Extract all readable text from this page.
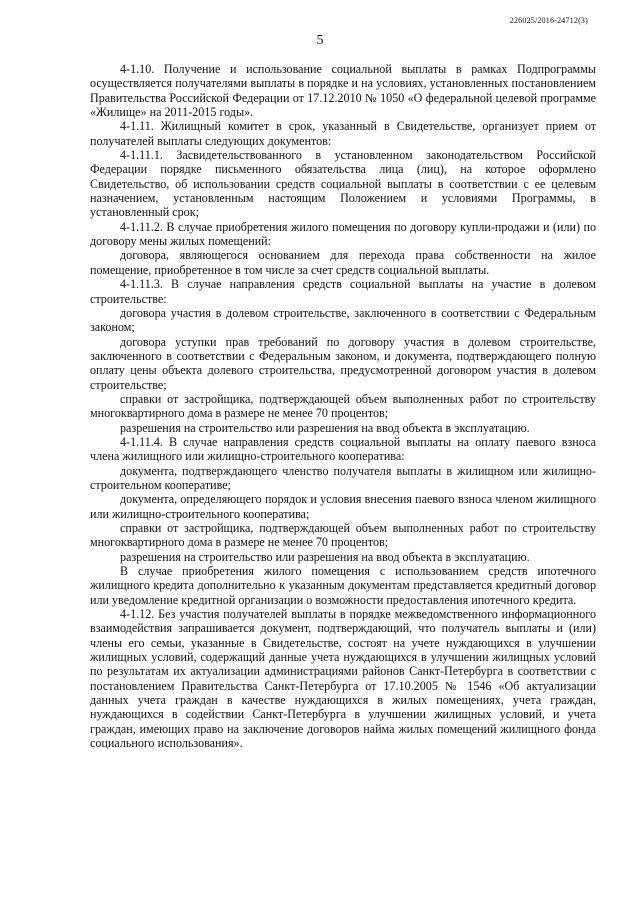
226025/2016-24712(3)
5

4-1.10. Получение и использование социальной выплаты в рамках Подпрограммы осуществляется получателями выплаты в порядке и на условиях, установленных постановлением Правительства Российской Федерации от 17.12.2010 № 1050 «О федеральной целевой программе «Жилище» на 2011-2015 годы».

4-1.11. Жилищный комитет в срок, указанный в Свидетельстве, организует прием от получателей выплаты следующих документов:

4-1.11.1. Засвидетельствованного в установленном законодательством Российской Федерации порядке письменного обязательства лица (лиц), на которое оформлено Свидетельство, об использовании средств социальной выплаты в соответствии с ее целевым назначением, установленным настоящим Положением и условиями Программы, в установленный срок;

4-1.11.2. В случае приобретения жилого помещения по договору купли-продажи и (или) по договору мены жилых помещений:

договора, являющегося основанием для перехода права собственности на жилое помещение, приобретенное в том числе за счет средств социальной выплаты.

4-1.11.3. В случае направления средств социальной выплаты на участие в долевом строительстве:

договора участия в долевом строительстве, заключенного в соответствии с Федеральным законом;

договора уступки прав требований по договору участия в долевом строительстве, заключенного в соответствии с Федеральным законом, и документа, подтверждающего полную оплату цены объекта долевого строительства, предусмотренной договором участия в долевом строительстве;

справки от застройщика, подтверждающей объем выполненных работ по строительству многоквартирного дома в размере не менее 70 процентов;

разрешения на строительство или разрешения на ввод объекта в эксплуатацию.

4-1.11.4. В случае направления средств социальной выплаты на оплату паевого взноса члена жилищного или жилищно-строительного кооператива:

документа, подтверждающего членство получателя выплаты в жилищном или жилищно-строительном кооперативе;

документа, определяющего порядок и условия внесения паевого взноса членом жилищного или жилищно-строительного кооператива;

справки от застройщика, подтверждающей объем выполненных работ по строительству многоквартирного дома в размере не менее 70 процентов;

разрешения на строительство или разрешения на ввод объекта в эксплуатацию.

В случае приобретения жилого помещения с использованием средств ипотечного жилищного кредита дополнительно к указанным документам представляется кредитный договор или уведомление кредитной организации о возможности предоставления ипотечного кредита.

4-1.12. Без участия получателей выплаты в порядке межведомственного информационного взаимодействия запрашивается документ, подтверждающий, что получатель выплаты и (или) члены его семьи, указанные в Свидетельстве, состоят на учете нуждающихся в улучшении жилищных условий, содержащий данные учета нуждающихся в улучшении жилищных условий по результатам их актуализации администрациями районов Санкт-Петербурга в соответствии с постановлением Правительства Санкт-Петербурга от 17.10.2005 № 1546 «Об актуализации данных учета граждан в качестве нуждающихся в жилых помещениях, учета граждан, нуждающихся в содействии Санкт-Петербурга в улучшении жилищных условий, и учета граждан, имеющих право на заключение договоров найма жилых помещений жилищного фонда социального использования».
